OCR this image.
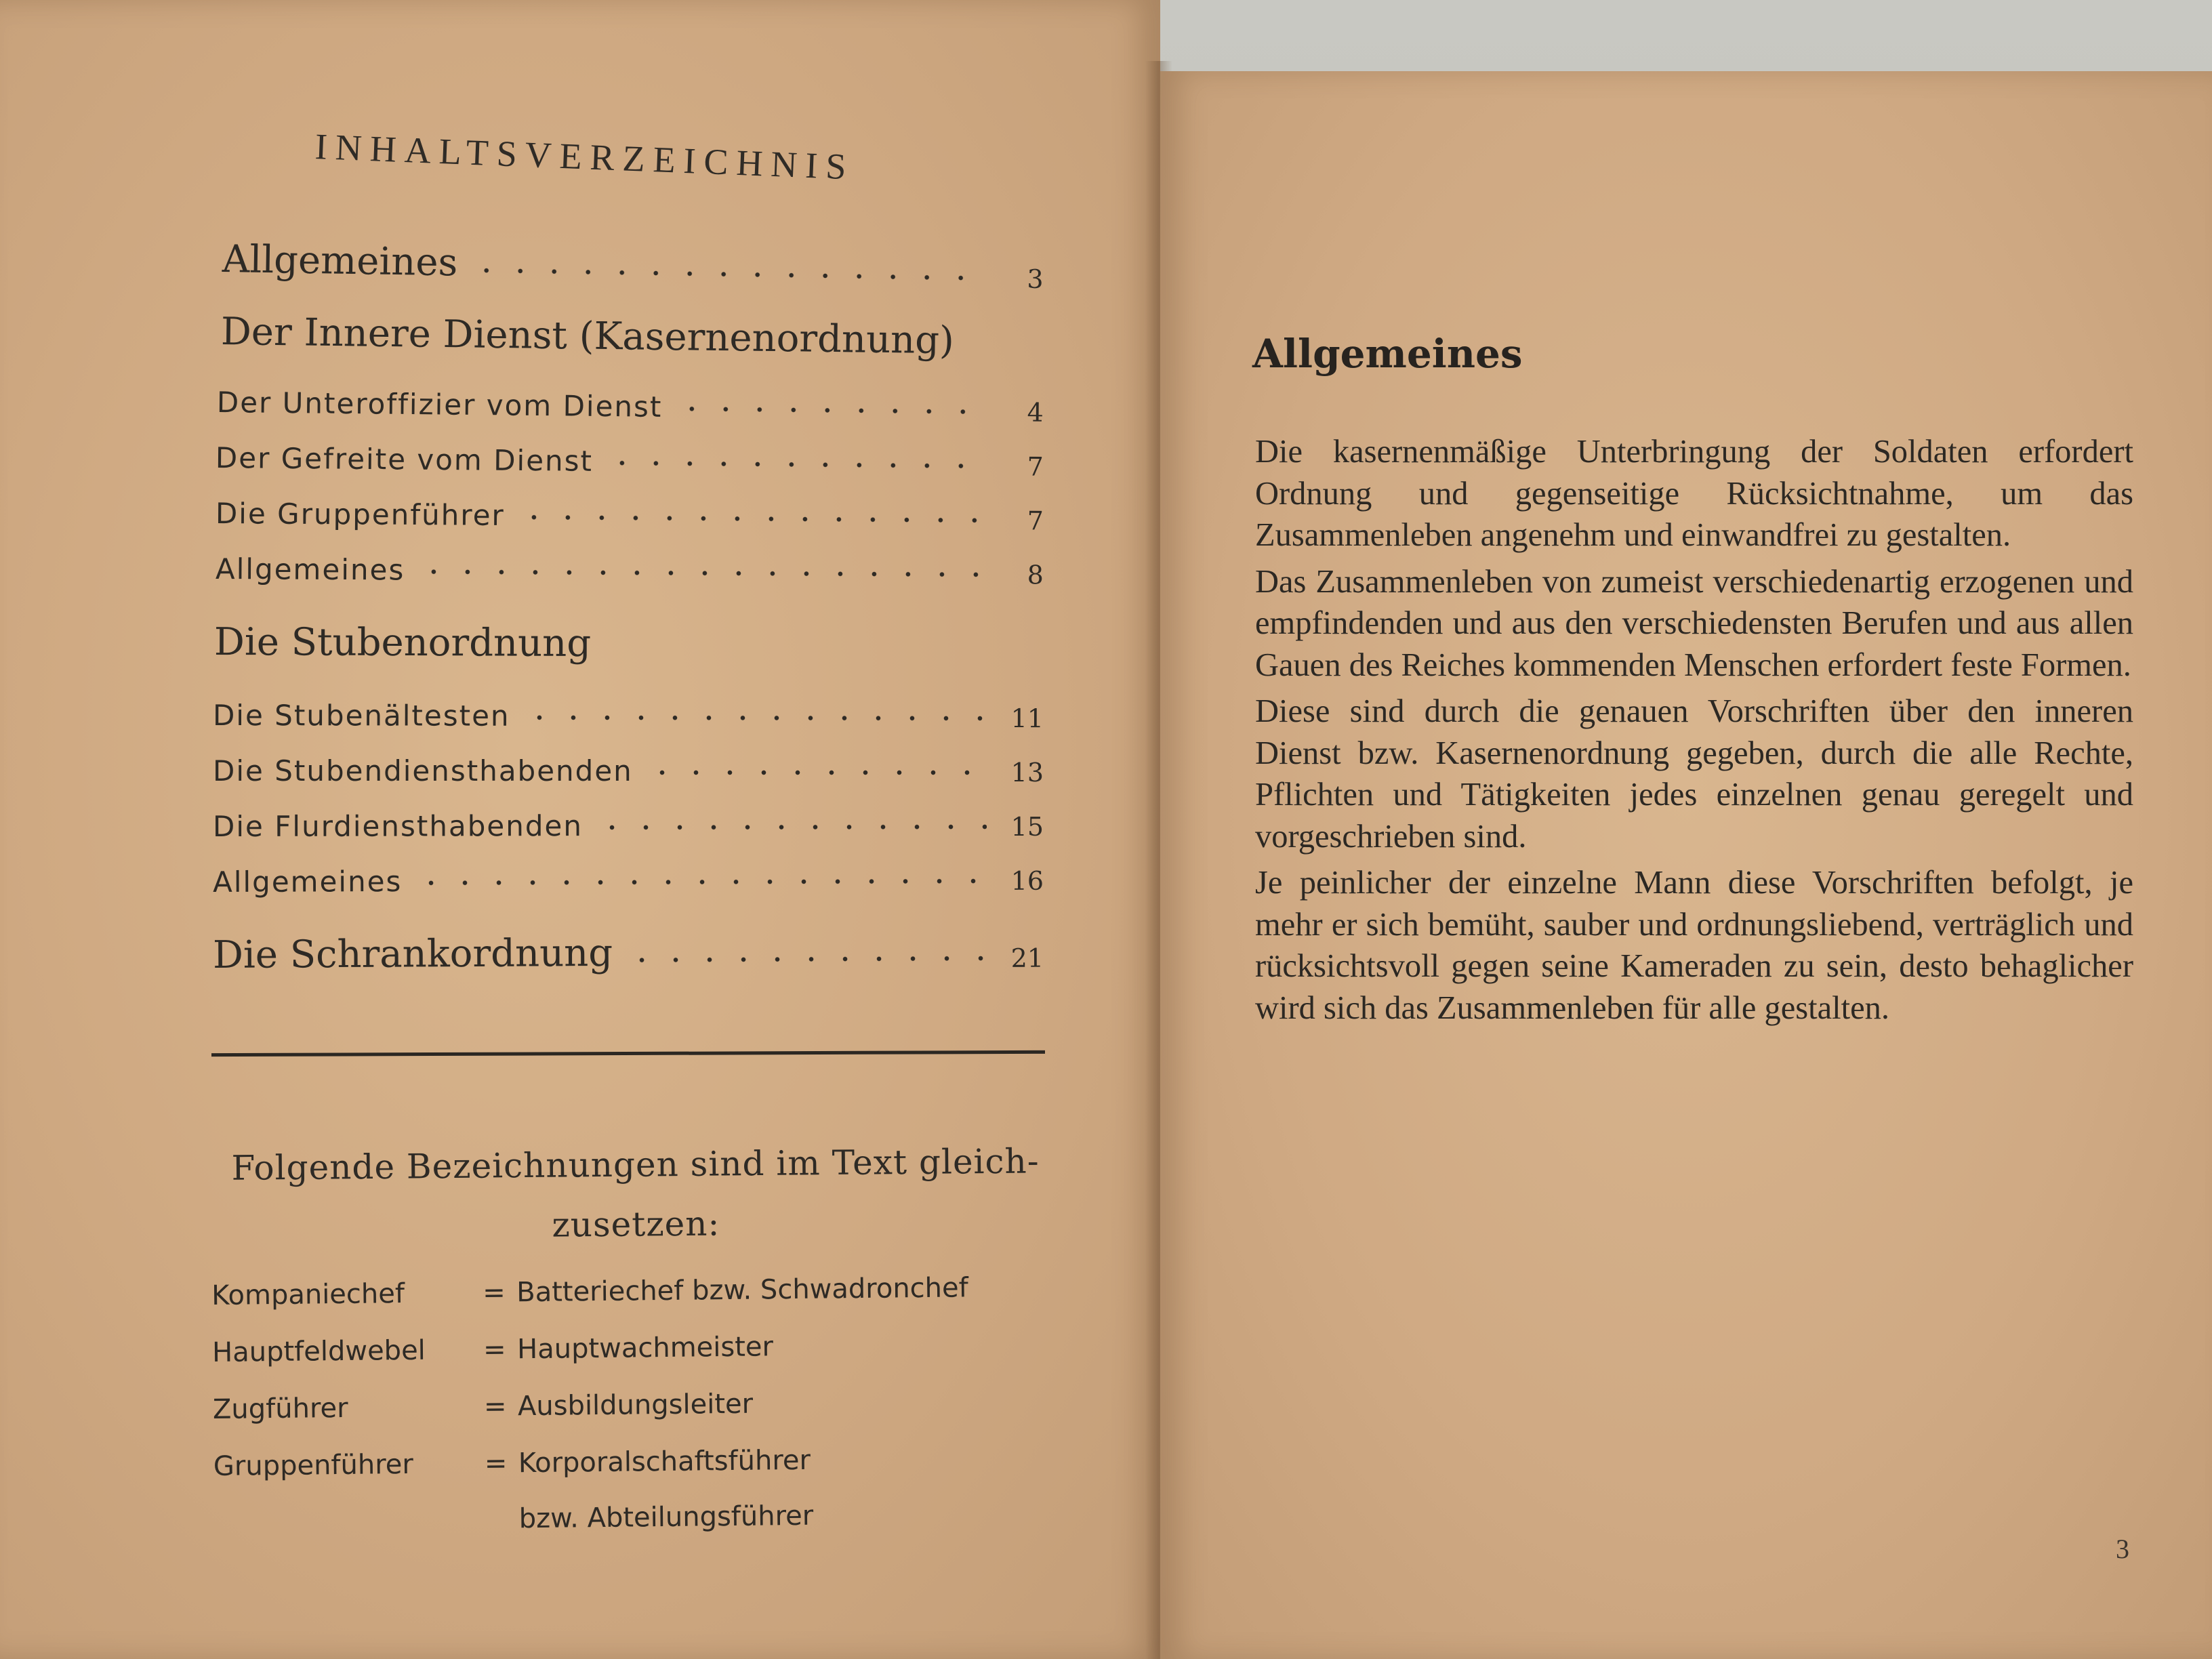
INHALTSVERZEICHNIS
Allgemeines	3
Der Innere Dienst (Kasernenordnung)
Der Unteroffizier vom Dienst	4
Der Gefreite vom Dienst	7
Die Gruppenführer	7
Allgemeines	8
Die Stubenordnung
Die Stubenältesten	11
Die Stubendiensthabenden	13
Die Flurdiensthabenden	15
Allgemeines	16
Die Schrankordnung	21
Folgende Bezeichnungen sind im Text gleich-
zusetzen:
Kompaniechef	= Batteriechef bzw. Schwadronchef
Hauptfeldwebel	= Hauptwachmeister
Zugführer	= Ausbildungsleiter
Gruppenführer	= Korporalschaftsführer
bzw. Abteilungsführer
Allgemeines

Die kasernenmäßige Unterbringung der Soldaten erfordert Ordnung und gegenseitige Rücksichtnahme, um das Zusammenleben angenehm und einwandfrei zu gestalten.

Das Zusammenleben von zumeist verschiedenartig erzogenen und empfindenden und aus den verschiedensten Berufen und aus allen Gauen des Reiches kommenden Menschen erfordert feste Formen.

Diese sind durch die genauen Vorschriften über den inneren Dienst bzw. Kasernenordnung gegeben, durch die alle Rechte, Pflichten und Tätigkeiten jedes einzelnen genau geregelt und vorgeschrieben sind.

Je peinlicher der einzelne Mann diese Vorschriften befolgt, je mehr er sich bemüht, sauber und ordnungsliebend, verträglich und rücksichtsvoll gegen seine Kameraden zu sein, desto behaglicher wird sich das Zusammenleben für alle gestalten.

3
